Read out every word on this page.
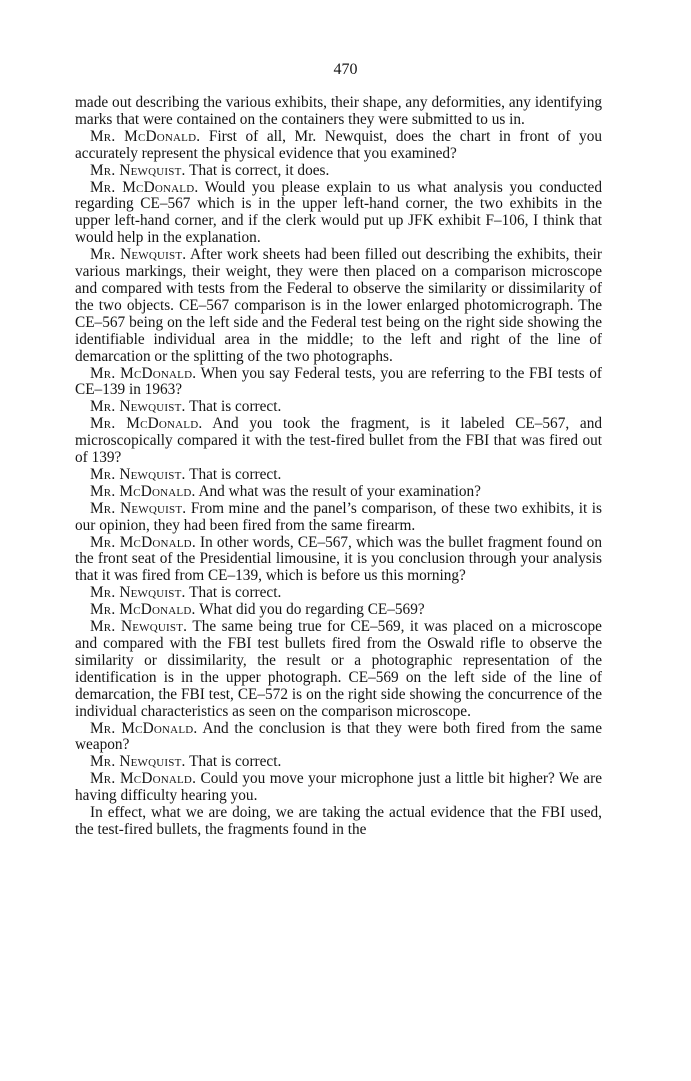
470

made out describing the various exhibits, their shape, any deformities, any identifying marks that were contained on the containers they were submitted to us in.

Mr. McDonald. First of all, Mr. Newquist, does the chart in front of you accurately represent the physical evidence that you examined?

Mr. Newquist. That is correct, it does.

Mr. McDonald. Would you please explain to us what analysis you conducted regarding CE–567 which is in the upper left-hand corner, the two exhibits in the upper left-hand corner, and if the clerk would put up JFK exhibit F–106, I think that would help in the explanation.

Mr. Newquist. After work sheets had been filled out describing the exhibits, their various markings, their weight, they were then placed on a comparison microscope and compared with tests from the Federal to observe the similarity or dissimilarity of the two objects. CE–567 comparison is in the lower enlarged photomicrograph. The CE–567 being on the left side and the Federal test being on the right side showing the identifiable individual area in the middle; to the left and right of the line of demarcation or the splitting of the two photographs.

Mr. McDonald. When you say Federal tests, you are referring to the FBI tests of CE–139 in 1963?

Mr. Newquist. That is correct.

Mr. McDonald. And you took the fragment, is it labeled CE–567, and microscopically compared it with the test-fired bullet from the FBI that was fired out of 139?

Mr. Newquist. That is correct.

Mr. McDonald. And what was the result of your examination?

Mr. Newquist. From mine and the panel’s comparison, of these two exhibits, it is our opinion, they had been fired from the same firearm.

Mr. McDonald. In other words, CE–567, which was the bullet fragment found on the front seat of the Presidential limousine, it is you conclusion through your analysis that it was fired from CE–139, which is before us this morning?

Mr. Newquist. That is correct.

Mr. McDonald. What did you do regarding CE–569?

Mr. Newquist. The same being true for CE–569, it was placed on a microscope and compared with the FBI test bullets fired from the Oswald rifle to observe the similarity or dissimilarity, the result or a photographic representation of the identification is in the upper photograph. CE–569 on the left side of the line of demarcation, the FBI test, CE–572 is on the right side showing the concurrence of the individual characteristics as seen on the comparison microscope.

Mr. McDonald. And the conclusion is that they were both fired from the same weapon?

Mr. Newquist. That is correct.

Mr. McDonald. Could you move your microphone just a little bit higher? We are having difficulty hearing you.

In effect, what we are doing, we are taking the actual evidence that the FBI used, the test-fired bullets, the fragments found in the
